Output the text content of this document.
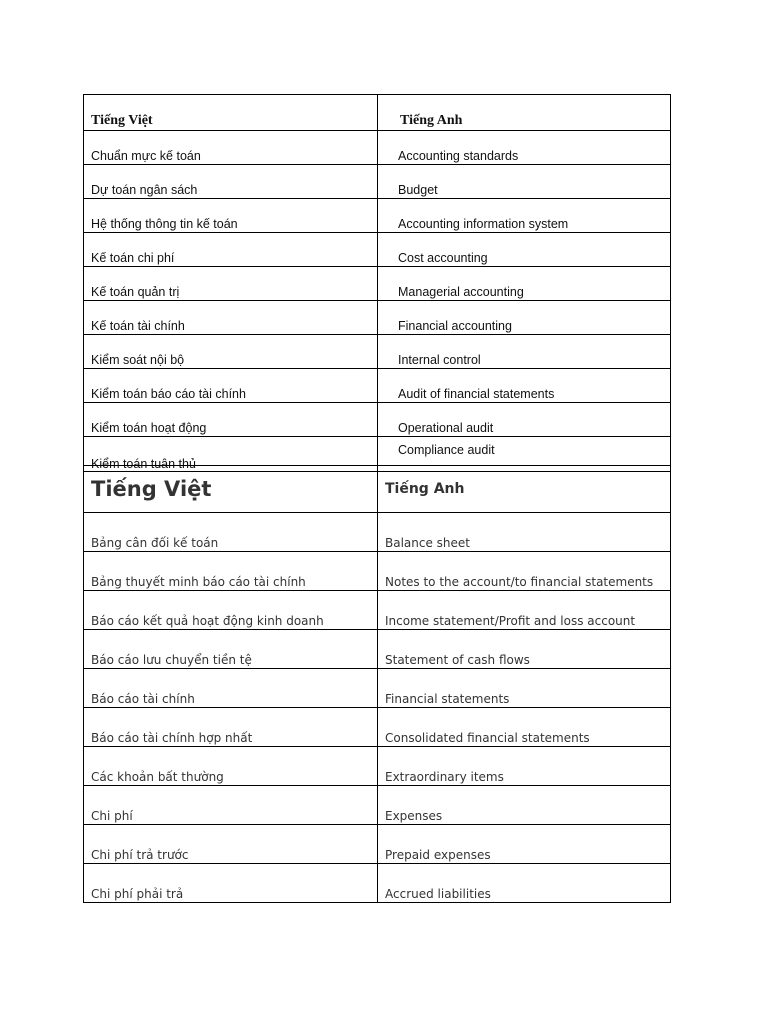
Tiếng Việt	Tiếng Anh

Chuẩn mực kế toán	Accounting standards

Dự toán ngân sách	Budget

Hệ thống thông tin kế toán	Accounting information system

Kế toán chi phí	Cost accounting

Kế toán quản trị	Managerial accounting

Kế toán tài chính	Financial accounting

Kiểm soát nội bộ	Internal control

Kiểm toán báo cáo tài chính	Audit of financial statements

Kiểm toán hoạt động	Operational audit

Kiểm toán tuân thủ	Compliance audit
Tiếng Việt	Tiếng Anh
Bảng cân đối kế toán	Balance sheet
Bảng thuyết minh báo cáo tài chính	Notes to the account/to financial statements
Báo cáo kết quả hoạt động kinh doanh	Income statement/Profit and loss account
Báo cáo lưu chuyển tiền tệ	Statement of cash flows
Báo cáo tài chính	Financial statements
Báo cáo tài chính hợp nhất	Consolidated financial statements
Các khoản bất thường	Extraordinary items
Chi phí	Expenses
Chi phí trả trước	Prepaid expenses
Chi phí phải trả	Accrued liabilities
